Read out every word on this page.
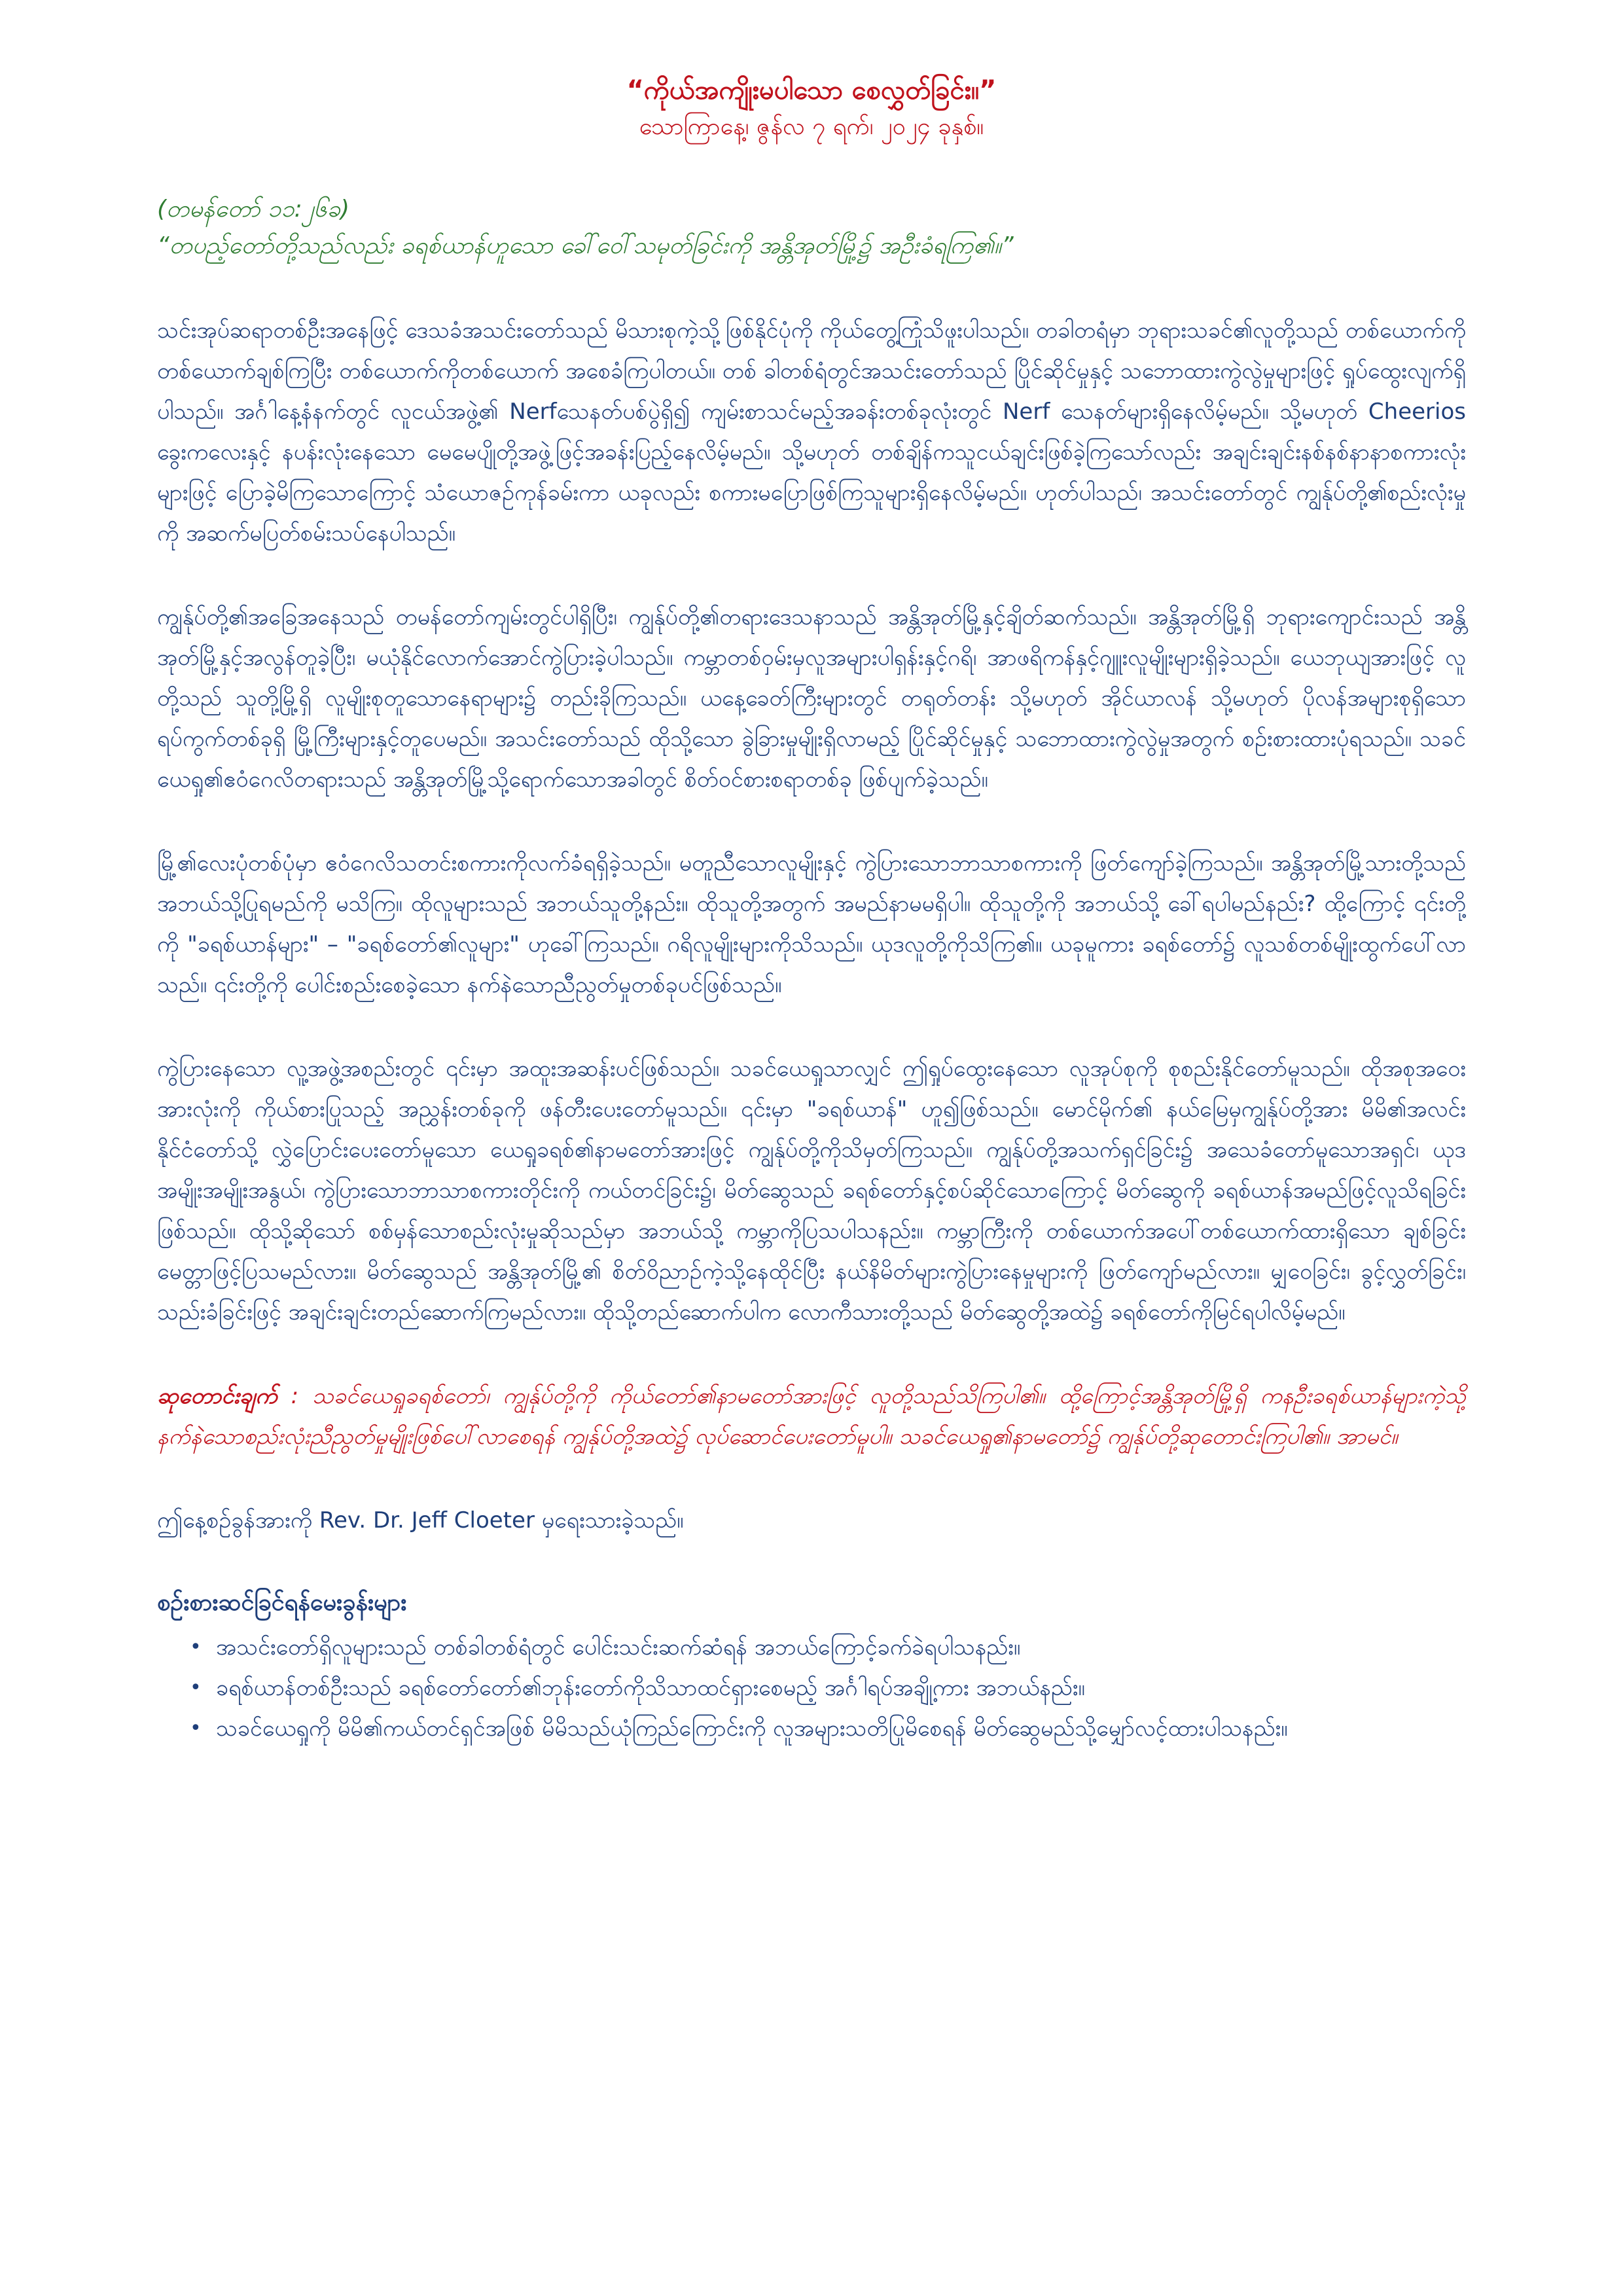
“ကိုယ်အကျိုးမပါသော စေလွှတ်ခြင်း။”

သောကြာနေ့၊ ဇွန်လ ၇ ရက်၊ ၂၀၂၄ ခုနှစ်။

(တမန်တော် ၁၁:၂၆ခ)

“တပည့်တော်တို့သည်လည်း ခရစ်ယာန်ဟူသော ခေါ်ဝေါ်သမုတ်ခြင်းကို အန္တိအုတ်မြို့၌ အဦးခံရကြ၏။”

သင်းအုပ်ဆရာတစ်ဦးအနေဖြင့် ဒေသခံအသင်းတော်သည် မိသားစုကဲ့သို့ဖြစ်နိုင်ပုံကို ကိုယ်တွေ့ကြုံသိဖူးပါသည်။ တခါတရံမှာ ဘုရားသခင်၏လူတို့သည် တစ်ယောက်ကိုတစ်ယောက်ချစ်ကြပြီး တစ်ယောက်ကိုတစ်ယောက် အစေခံကြပါတယ်။ တစ် ခါတစ်ရံတွင်အသင်းတော်သည် ပြိုင်ဆိုင်မှုနှင့် သဘောထားကွဲလွဲမှုများဖြင့် ရှုပ်ထွေးလျက်ရှိပါသည်။ အင်္ဂါနေ့နံနက်တွင် လူငယ်အဖွဲ့၏ Nerfသေနတ်ပစ်ပွဲရှိ၍ ကျမ်းစာသင်မည့်အခန်းတစ်ခုလုံးတွင် Nerf သေနတ်များရှိနေလိမ့်မည်။ သို့မဟုတ် Cheerios ခွေးကလေးနှင့် နပန်းလုံးနေသော မေမေပျိုတို့အဖွဲ့ဖြင့်အခန်းပြည့်နေလိမ့်မည်။ သို့မဟုတ် တစ်ချိန်ကသူငယ်ချင်းဖြစ်ခဲ့ကြသော်လည်း အချင်းချင်းနစ်နစ်နာနာစကားလုံးများဖြင့် ပြောခဲ့မိကြသောကြောင့် သံယောဇဉ်ကုန်ခမ်းကာ ယခုလည်း စကားမပြောဖြစ်ကြသူများရှိနေလိမ့်မည်။ ဟုတ်ပါသည်၊ အသင်းတော်တွင် ကျွန်ုပ်တို့၏စည်းလုံးမှုကို အဆက်မပြတ်စမ်းသပ်နေပါသည်။

ကျွန်ုပ်တို့၏အခြေအနေသည် တမန်တော်ကျမ်းတွင်ပါရှိပြီး၊ ကျွန်ုပ်တို့၏တရားဒေသနာသည် အန္တိအုတ်မြို့နှင့်ချိတ်ဆက်သည်။ အန္တိအုတ်မြို့ရှိ ဘုရားကျောင်းသည် အန္တိအုတ်မြို့နှင့်အလွန်တူခဲ့ပြီး၊ မယုံနိုင်လောက်အောင်ကွဲပြားခဲ့ပါသည်။ ကမ္ဘာတစ်ဝှမ်းမှလူအများပါရှန်းနှင့်ဂရိ၊ အာဖရိကန်နှင့်ဂျူးလူမျိုးများရှိခဲ့သည်။ ယေဘုယျအားဖြင့် လူတို့သည် သူတို့မြို့ရှိ လူမျိုးစုတူသောနေရာများ၌ တည်းခိုကြသည်။ ယနေ့ခေတ်ကြီးများတွင် တရုတ်တန်း သို့မဟုတ် အိုင်ယာလန် သို့မဟုတ် ပိုလန်အများစုရှိသော ရပ်ကွက်တစ်ခုရှိ မြို့ကြီးများနှင့်တူပေမည်။ အသင်းတော်သည် ထိုသို့သော ခွဲခြားမှုမျိုးရှိလာမည့် ပြိုင်ဆိုင်မှုနှင့် သဘောထားကွဲလွဲမှုအတွက် စဉ်းစားထားပုံရသည်။ သခင်ယေရှု၏ဧဝံဂေလိတရားသည် အန္တိအုတ်မြို့သို့ရောက်သောအခါတွင် စိတ်ဝင်စားစရာတစ်ခု ဖြစ်ပျက်ခဲ့သည်။

မြို့၏လေးပုံတစ်ပုံမှာ ဧဝံဂေလိသတင်းစကားကိုလက်ခံရရှိခဲ့သည်။ မတူညီသောလူမျိုးနှင့် ကွဲပြားသောဘာသာစကားကို ဖြတ်ကျော်ခဲ့ကြသည်။ အန္တိအုတ်မြို့သားတို့သည် အဘယ်သို့ပြုရမည်ကို မသိကြ။ ထိုလူများသည် အဘယ်သူတို့နည်း။ ထိုသူတို့အတွက် အမည်နာမမရှိပါ။ ထိုသူတို့ကို အဘယ်သို့ ခေါ်ရပါမည်နည်း? ထို့ကြောင့် ၎င်းတို့ကို "ခရစ်ယာန်များ" – "ခရစ်တော်၏လူများ" ဟုခေါ်ကြသည်။ ဂရိလူမျိုးများကိုသိသည်။ ယုဒလူတို့ကိုသိကြ၏။ ယခုမူကား ခရစ်တော်၌ လူသစ်တစ်မျိုးထွက်ပေါ်လာသည်။ ၎င်းတို့ကို ပေါင်းစည်းစေခဲ့သော နက်နဲသောညီညွတ်မှုတစ်ခုပင်ဖြစ်သည်။

ကွဲပြားနေသော လူ့အဖွဲ့အစည်းတွင် ၎င်းမှာ အထူးအဆန်းပင်ဖြစ်သည်။ သခင်ယေရှုသာလျှင် ဤရှုပ်ထွေးနေသော လူအုပ်စုကို စုစည်းနိုင်တော်မူသည်။ ထိုအစုအဝေးအားလုံးကို ကိုယ်စားပြုသည့် အညွှန်းတစ်ခုကို ဖန်တီးပေးတော်မူသည်။ ၎င်းမှာ "ခရစ်ယာန်" ဟူ၍ဖြစ်သည်။ မောင်မိုက်၏ နယ်မြေမှကျွန်ုပ်တို့အား မိမိ၏အလင်းနိုင်ငံတော်သို့ လွှဲပြောင်းပေးတော်မူသော ယေရှုခရစ်၏နာမတော်အားဖြင့် ကျွန်ုပ်တို့ကိုသိမှတ်ကြသည်။ ကျွန်ုပ်တို့အသက်ရှင်ခြင်း၌ အသေခံတော်မူသောအရှင်၊ ယုဒအမျိုးအမျိုးအနွယ်၊ ကွဲပြားသောဘာသာစကားတိုင်းကို ကယ်တင်ခြင်း၌၊ မိတ်ဆွေသည် ခရစ်တော်နှင့်စပ်ဆိုင်သောကြောင့် မိတ်ဆွေကို ခရစ်ယာန်အမည်ဖြင့်လူသိရခြင်းဖြစ်သည်။ ထိုသို့ဆိုသော် စစ်မှန်သောစည်းလုံးမှုဆိုသည်မှာ အဘယ်သို့ ကမ္ဘာကိုပြသပါသနည်း။ ကမ္ဘာကြီးကို တစ်ယောက်အပေါ်တစ်ယောက်ထားရှိသော ချစ်ခြင်းမေတ္တာဖြင့်ပြသမည်လား။ မိတ်ဆွေသည် အန္တိအုတ်မြို့၏ စိတ်ဝိညာဉ်ကဲ့သို့နေထိုင်ပြီး နယ်နိမိတ်များကွဲပြားနေမှုများကို ဖြတ်ကျော်မည်လား။ မျှဝေခြင်း၊ ခွင့်လွှတ်ခြင်း၊ သည်းခံခြင်းဖြင့် အချင်းချင်းတည်ဆောက်ကြမည်လား။ ထိုသို့တည်ဆောက်ပါက လောကီသားတို့သည် မိတ်ဆွေတို့အထဲ၌ ခရစ်တော်ကိုမြင်ရပါလိမ့်မည်။

ဆုတောင်းချက် : သခင်ယေရှုခရစ်တော်၊ ကျွန်ုပ်တို့ကို ကိုယ်တော်၏နာမတော်အားဖြင့် လူတို့သည်သိကြပါ၏။ ထို့ကြောင့်အန္တိအုတ်မြို့ရှိ ကနဦးခရစ်ယာန်များကဲ့သို့ နက်နဲသောစည်းလုံးညီညွတ်မှုမျိုးဖြစ်ပေါ်လာစေရန် ကျွန်ုပ်တို့အထဲ၌ လုပ်ဆောင်ပေးတော်မူပါ။ သခင်ယေရှု၏နာမတော်၌ ကျွန်ုပ်တို့ဆုတောင်းကြပါ၏။ အာမင်။

ဤနေ့စဉ်ခွန်အားကို Rev. Dr. Jeff Cloeter မှရေးသားခဲ့သည်။

စဉ်းစားဆင်ခြင်ရန်မေးခွန်းများ

• အသင်းတော်ရှိလူများသည် တစ်ခါတစ်ရံတွင် ပေါင်းသင်းဆက်ဆံရန် အဘယ်ကြောင့်ခက်ခဲရပါသနည်း။
• ခရစ်ယာန်တစ်ဦးသည် ခရစ်တော်တော်၏ဘုန်းတော်ကိုသိသာထင်ရှားစေမည့် အင်္ဂါရပ်အချို့ကား အဘယ်နည်း။
• သခင်ယေရှုကို မိမိ၏ကယ်တင်ရှင်အဖြစ် မိမိသည်ယုံကြည်ကြောင်းကို လူအများသတိပြုမိစေရန် မိတ်ဆွေမည်သို့မျှော်လင့်ထားပါသနည်း။
